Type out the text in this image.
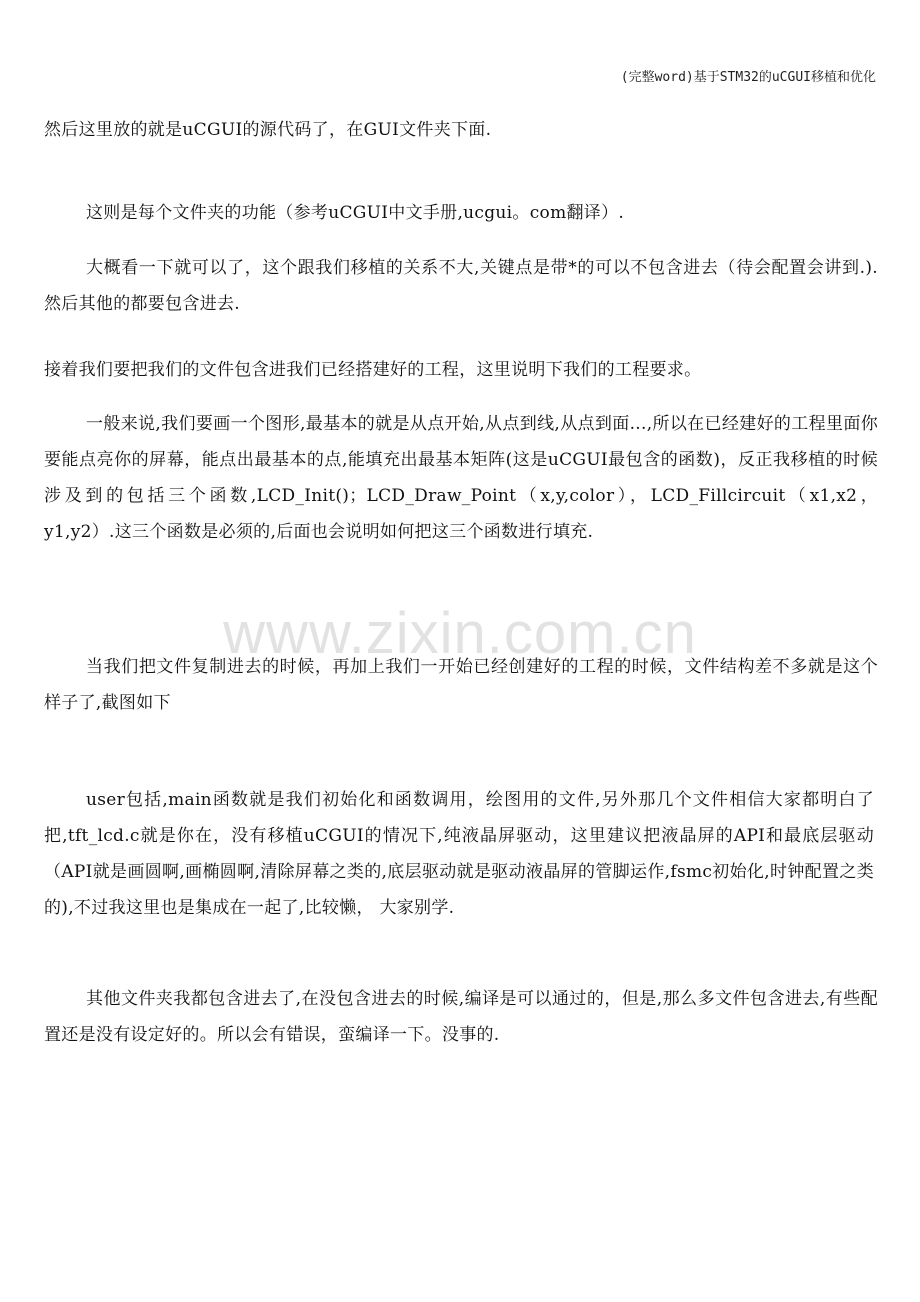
www.zixin.com.cn
(完整word)基于STM32的uCGUI移植和优化

然后这里放的就是uCGUI的源代码了，在GUI文件夹下面.

这则是每个文件夹的功能（参考uCGUI中文手册,ucgui。com翻译）.

大概看一下就可以了，这个跟我们移植的关系不大,关键点是带*的可以不包含进去（待会配置会讲到.).然后其他的都要包含进去.

接着我们要把我们的文件包含进我们已经搭建好的工程，这里说明下我们的工程要求。

一般来说,我们要画一个图形,最基本的就是从点开始,从点到线,从点到面...,所以在已经建好的工程里面你要能点亮你的屏幕，能点出最基本的点,能填充出最基本矩阵(这是uCGUI最包含的函数)，反正我移植的时候涉及到的包括三个函数,LCD_Init()；LCD_Draw_Point（x,y,color），LCD_Fillcircuit（x1,x2，y1,y2）.这三个函数是必须的,后面也会说明如何把这三个函数进行填充.

当我们把文件复制进去的时候，再加上我们一开始已经创建好的工程的时候，文件结构差不多就是这个样子了,截图如下

user包括,main函数就是我们初始化和函数调用，绘图用的文件,另外那几个文件相信大家都明白了把,tft_lcd.c就是你在，没有移植uCGUI的情况下,纯液晶屏驱动，这里建议把液晶屏的API和最底层驱动（API就是画圆啊,画椭圆啊,清除屏幕之类的,底层驱动就是驱动液晶屏的管脚运作,fsmc初始化,时钟配置之类的),不过我这里也是集成在一起了,比较懒， 大家别学.

其他文件夹我都包含进去了,在没包含进去的时候,编译是可以通过的，但是,那么多文件包含进去,有些配置还是没有设定好的。所以会有错误，蛮编译一下。没事的.
